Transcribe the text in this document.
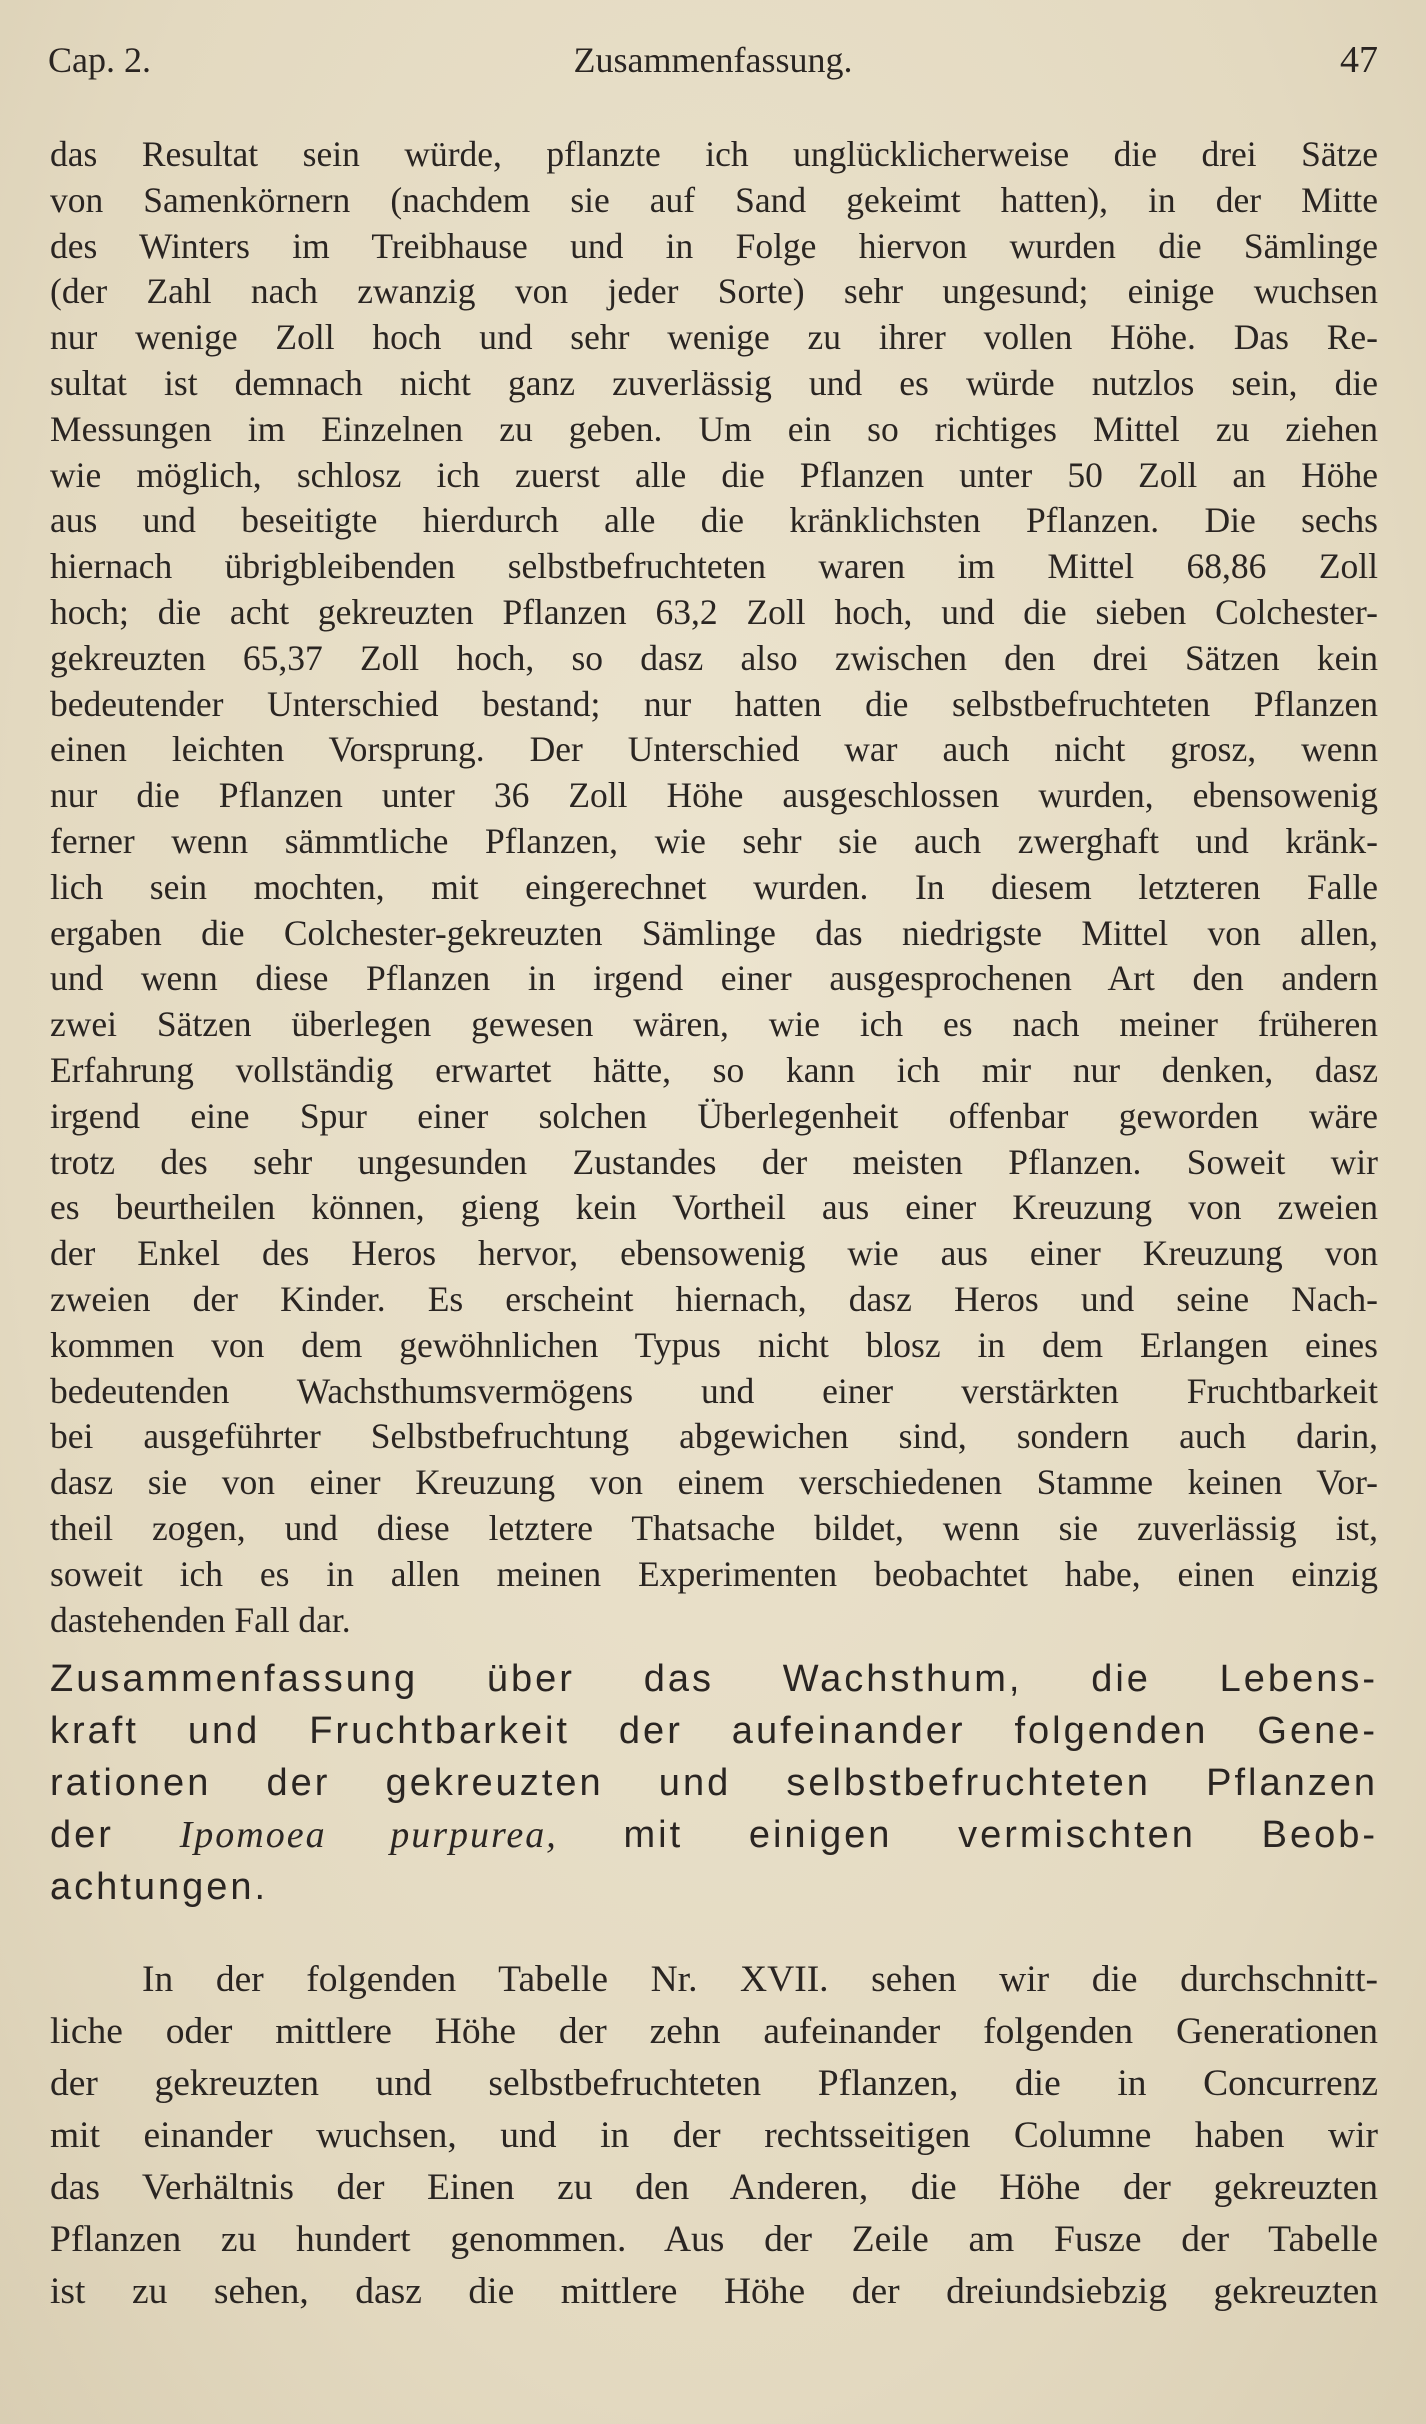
Cap. 2.	Zusammenfassung.	47
das Resultat sein würde, pflanzte ich unglücklicherweise die drei Sätze
von Samenkörnern (nachdem sie auf Sand gekeimt hatten), in der Mitte
des Winters im Treibhause und in Folge hiervon wurden die Sämlinge
(der Zahl nach zwanzig von jeder Sorte) sehr ungesund; einige wuchsen
nur wenige Zoll hoch und sehr wenige zu ihrer vollen Höhe. Das Re-
sultat ist demnach nicht ganz zuverlässig und es würde nutzlos sein, die
Messungen im Einzelnen zu geben. Um ein so richtiges Mittel zu ziehen
wie möglich, schlosz ich zuerst alle die Pflanzen unter 50 Zoll an Höhe
aus und beseitigte hierdurch alle die kränklichsten Pflanzen. Die sechs
hiernach übrigbleibenden selbstbefruchteten waren im Mittel 68,86 Zoll
hoch; die acht gekreuzten Pflanzen 63,2 Zoll hoch, und die sieben Colchester-
gekreuzten 65,37 Zoll hoch, so dasz also zwischen den drei Sätzen kein
bedeutender Unterschied bestand; nur hatten die selbstbefruchteten Pflanzen
einen leichten Vorsprung. Der Unterschied war auch nicht grosz, wenn
nur die Pflanzen unter 36 Zoll Höhe ausgeschlossen wurden, ebensowenig
ferner wenn sämmtliche Pflanzen, wie sehr sie auch zwerghaft und kränk-
lich sein mochten, mit eingerechnet wurden. In diesem letzteren Falle
ergaben die Colchester-gekreuzten Sämlinge das niedrigste Mittel von allen,
und wenn diese Pflanzen in irgend einer ausgesprochenen Art den andern
zwei Sätzen überlegen gewesen wären, wie ich es nach meiner früheren
Erfahrung vollständig erwartet hätte, so kann ich mir nur denken, dasz
irgend eine Spur einer solchen Überlegenheit offenbar geworden wäre
trotz des sehr ungesunden Zustandes der meisten Pflanzen. Soweit wir
es beurtheilen können, gieng kein Vortheil aus einer Kreuzung von zweien
der Enkel des Heros hervor, ebensowenig wie aus einer Kreuzung von
zweien der Kinder. Es erscheint hiernach, dasz Heros und seine Nach-
kommen von dem gewöhnlichen Typus nicht blosz in dem Erlangen eines
bedeutenden Wachsthumsvermögens und einer verstärkten Fruchtbarkeit
bei ausgeführter Selbstbefruchtung abgewichen sind, sondern auch darin,
dasz sie von einer Kreuzung von einem verschiedenen Stamme keinen Vor-
theil zogen, und diese letztere Thatsache bildet, wenn sie zuverlässig ist,
soweit ich es in allen meinen Experimenten beobachtet habe, einen einzig
dastehenden Fall dar.
Zusammenfassung über das Wachsthum, die Lebens-
kraft und Fruchtbarkeit der aufeinander folgenden Gene-
rationen der gekreuzten und selbstbefruchteten Pflanzen
der Ipomoea purpurea, mit einigen vermischten Beob-
achtungen.
In der folgenden Tabelle Nr. XVII. sehen wir die durchschnitt-
liche oder mittlere Höhe der zehn aufeinander folgenden Generationen
der gekreuzten und selbstbefruchteten Pflanzen, die in Concurrenz
mit einander wuchsen, und in der rechtsseitigen Columne haben wir
das Verhältnis der Einen zu den Anderen, die Höhe der gekreuzten
Pflanzen zu hundert genommen. Aus der Zeile am Fusze der Tabelle
ist zu sehen, dasz die mittlere Höhe der dreiundsiebzig gekreuzten
